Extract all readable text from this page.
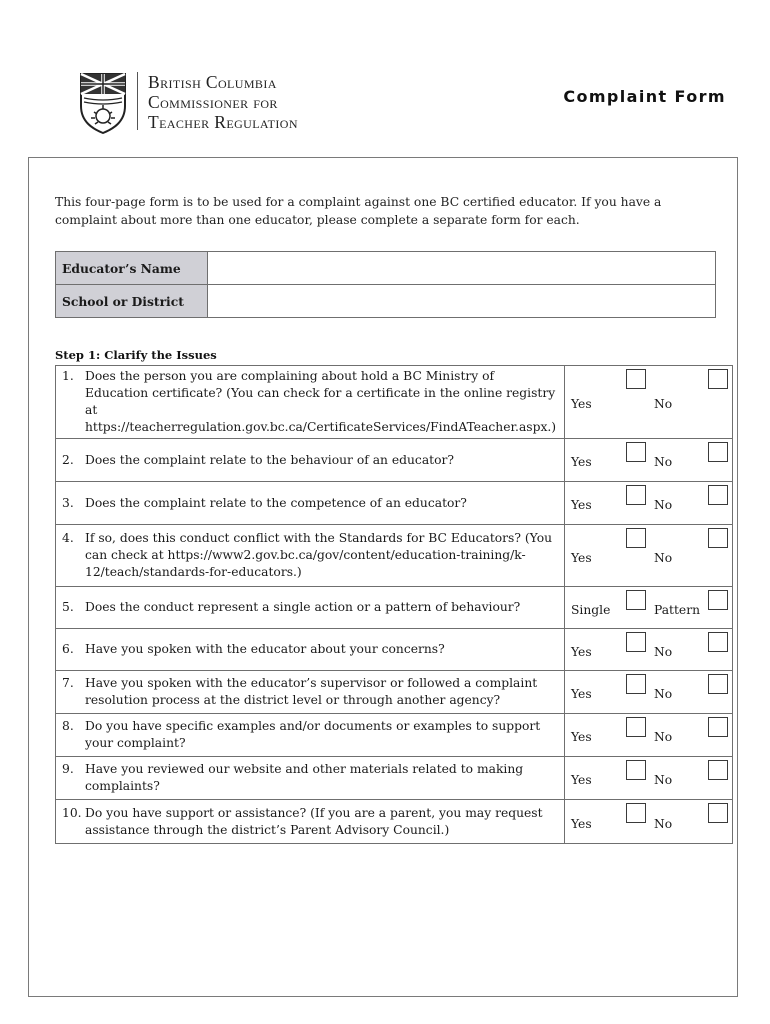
British Columbia
Commissioner for
Teacher Regulation
Complaint Form
This four-page form is to be used for a complaint against one BC certified educator. If you have a complaint about more than one educator, please complete a separate form for each.
Educator’s Name	
School or District	
Step 1: Clarify the Issues
1. Does the person you are complaining about hold a BC Ministry of Education certificate? (You can check for a certificate in the online registry at https://teacherregulation.gov.bc.ca/CertificateServices/FindATeacher.aspx.)	Yes No

2. Does the complaint relate to the behaviour of an educator?	Yes No

3. Does the complaint relate to the competence of an educator?	Yes No

4. If so, does this conduct conflict with the Standards for BC Educators? (You can check at https://www2.gov.bc.ca/gov/content/education-training/k-12/teach/standards-for-educators.)	Yes No

5. Does the conduct represent a single action or a pattern of behaviour?	Single Pattern

6. Have you spoken with the educator about your concerns?	Yes No

7. Have you spoken with the educator’s supervisor or followed a complaint resolution process at the district level or through another agency?	Yes No

8. Do you have specific examples and/or documents or examples to support your complaint?	Yes No

9. Have you reviewed our website and other materials related to making complaints?	Yes No

10. Do you have support or assistance? (If you are a parent, you may request assistance through the district’s Parent Advisory Council.)	Yes No
